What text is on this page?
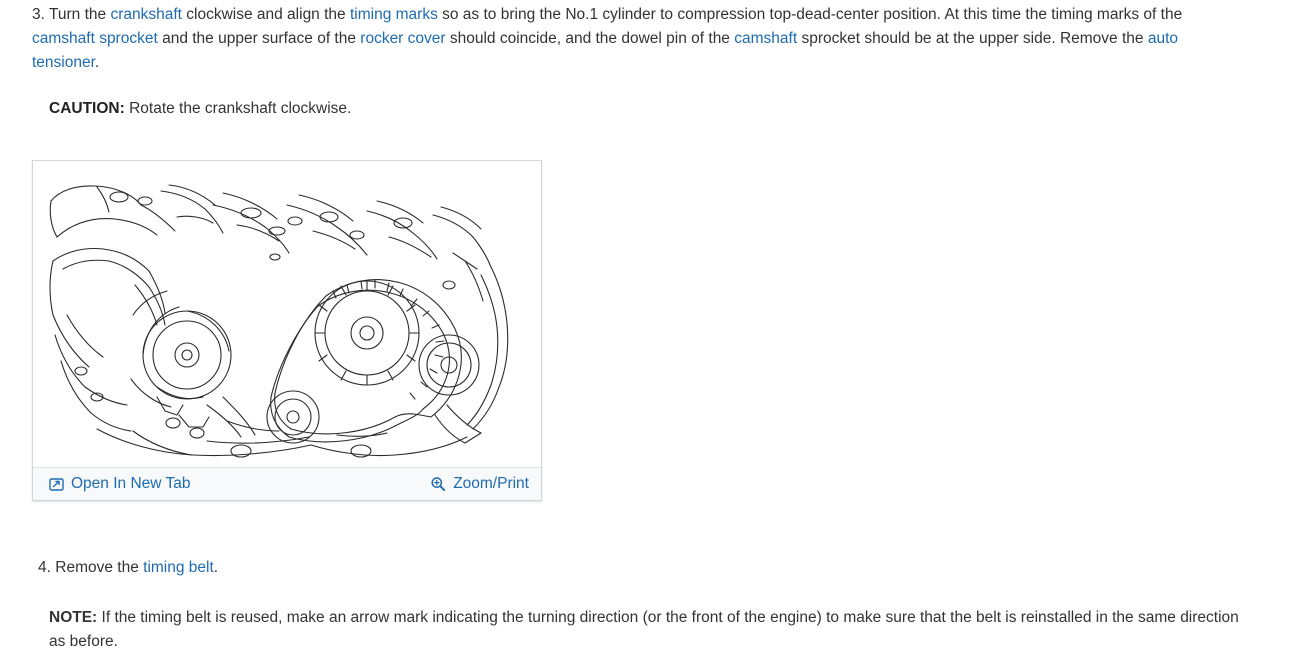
3. Turn the crankshaft clockwise and align the timing marks so as to bring the No.1 cylinder to compression top-dead-center position. At this time the timing marks of the camshaft sprocket and the upper surface of the rocker cover should coincide, and the dowel pin of the camshaft sprocket should be at the upper side. Remove the auto tensioner.

CAUTION: Rotate the crankshaft clockwise.

Open In New Tab	Zoom/Print

4. Remove the timing belt.

NOTE: If the timing belt is reused, make an arrow mark indicating the turning direction (or the front of the engine) to make sure that the belt is reinstalled in the same direction as before.
